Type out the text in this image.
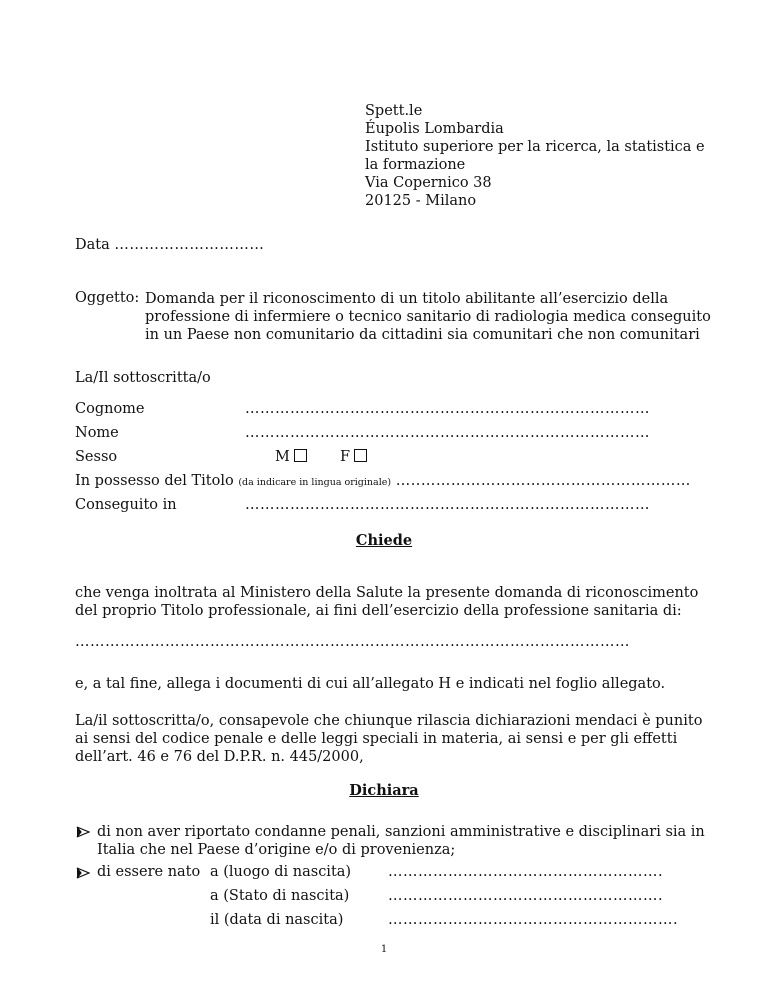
Spett.le
Éupolis Lombardia
Istituto superiore per la ricerca, la statistica e
la formazione
Via Copernico 38
20125 - Milano
Data …………………………
Oggetto: Domanda per il riconoscimento di un titolo abilitante all’esercizio della
professione di infermiere o tecnico sanitario di radiologia medica conseguito
in un Paese non comunitario da cittadini sia comunitari che non comunitari
La/Il sottoscritta/o
Cognome	………………………………………………………………………
Nome	………………………………………………………………………
Sesso	M	F
In possesso del Titolo (da indicare in lingua originale) …..………………………………………………
Conseguito in	………………………………………………………………………
Chiede
che venga inoltrata al Ministero della Salute la presente domanda di riconoscimento
del proprio Titolo professionale, ai fini dell’esercizio della professione sanitaria di:
…………………………………………………………………………………………………
e, a tal fine, allega i documenti di cui all’allegato H e indicati nel foglio allegato.
La/il sottoscritta/o, consapevole che chiunque rilascia dichiarazioni mendaci è punito
ai sensi del codice penale e delle leggi speciali in materia, ai sensi e per gli effetti
dell’art. 46 e 76 del D.P.R. n. 445/2000,
Dichiara
di non aver riportato condanne penali, sanzioni amministrative e disciplinari sia in
Italia che nel Paese d’origine e/o di provenienza;
di essere nato a (luogo di nascita)	……………………………………………….
a (Stato di nascita)	……………………………………………….
il (data di nascita)	………………………………………………….
1
